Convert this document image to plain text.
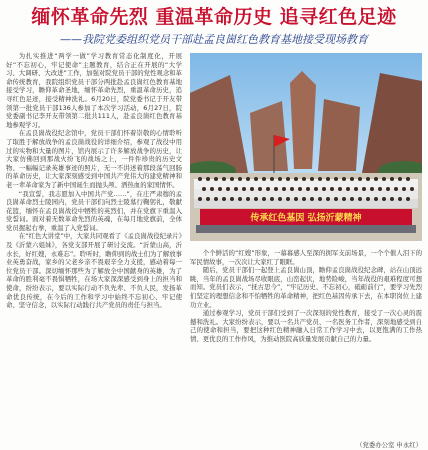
缅怀革命先烈 重温革命历史 追寻红色足迹
——我院党委组织党员干部赴孟良崮红色教育基地接受现场教育

为扎实推进“两学一做”学习教育常态化制度化，开展好“不忘初心，牢记使命”主题教育，结合正在开展的“大学习、大调研、大改进”工作，加强对院党员干部的党性观念和革命传统教育，我院组织党员干部分两批赴孟良崮红色教育基地接受学习，瞻仰革命圣地，缅怀革命先烈，重温革命历史，追寻红色足迹，接受精神洗礼。6月20日，院党委书记于开友带领第一批党员干部136人参加了本次学习活动，6月27日，院党委副书记李开友带领第二批共111人，赴孟良崮红色教育基地参观学习。

在孟良崮战役纪念馆中，党员干部们怀着崇敬的心情聆听了取胜于解放战争的孟良崮战役的详细介绍，参观了战役中用过的实物和大量的图片，馆内展示了许多解放战争的历史，让大家仿佛回到那战火纷飞的战场之上，一件件珍贵的历史文物、一幅幅记录英雄事迹的照片，无一不讲述着那段荡气回肠的革命历史，让大家深刻感受到中国共产党伟大的建党精神和老一辈革命家为了新中国诞生而抛头颅、洒热血的家国情怀。

“我宣誓，我志愿加入中国共产党……”，在庄严肃穆的孟良崮革命烈士陵园内，党员干部们向烈士陵墓行鞠躬礼，敬献花篮，缅怀在孟良崮战役中牺牲的英烈们，并在党旗下重温入党誓词。面对着无数革命先烈的英魂，在每月地党旗前，全体党员握起右拳，重温了入党誓词。

在“红色大讲堂”中，大家共同观看了《孟良崮战役纪录片》及《沂蒙六姐妹》，各党支部开展了研讨交流。“沂蒙山高，沂水长，好红嫂，永难忘”。聆听时，瞻仰到的战士们为了解放事业英勇奋战，家乡的父老乡亲不畏艰辛全力支援，感动着每一位党员干部。深切缅怀那些为了解放全中国献身的英雄，为了革命的胜利毫不畏惧牺牲，在场大家深深感受到身上的担当和使命，纷纷表示，要以实际行动不负先辈、不负人民，发扬革命优良传统，在今后的工作和学习中始终不忘初心、牢记使命、坚守信念，以实际行动践行共产党员的责任与担当。

传承红色基因 弘扬沂蒙精神

个个鲜活的“红嫂”形象，一幕幕感人至深的拥军支前场景，一个个催人泪下的军民情故事，一次次让大家红了眼眶。

随后，党员干部们一起登上孟良崮山顶，瞻仰孟良崮战役纪念碑，站在山顶远眺，当年的孟良崮战场尽收眼底，山峦起伏，地势险峻，当年战役的艰难程度可想而知。党员们表示，“抚古思今”，“牢记历史、不忘初心，砥砺前行”，要学习先烈们坚定的理想信念和不怕牺牲的革命精神，把红色基因传承下去，在本职岗位上建功立业。

通过参观学习，党员干部们受到了一次深刻的党性教育，接受了一次心灵的震撼和洗礼。大家纷纷表示，要以一名共产党员、一名医务工作者，深刻地感受到自己的使命和担当，要把这种红色精神融入日常工作学习中去，以更饱满的工作热情、更优良的工作作风，为推动医院高质量发展贡献自己的力量。

（党委办公室 申永红）
